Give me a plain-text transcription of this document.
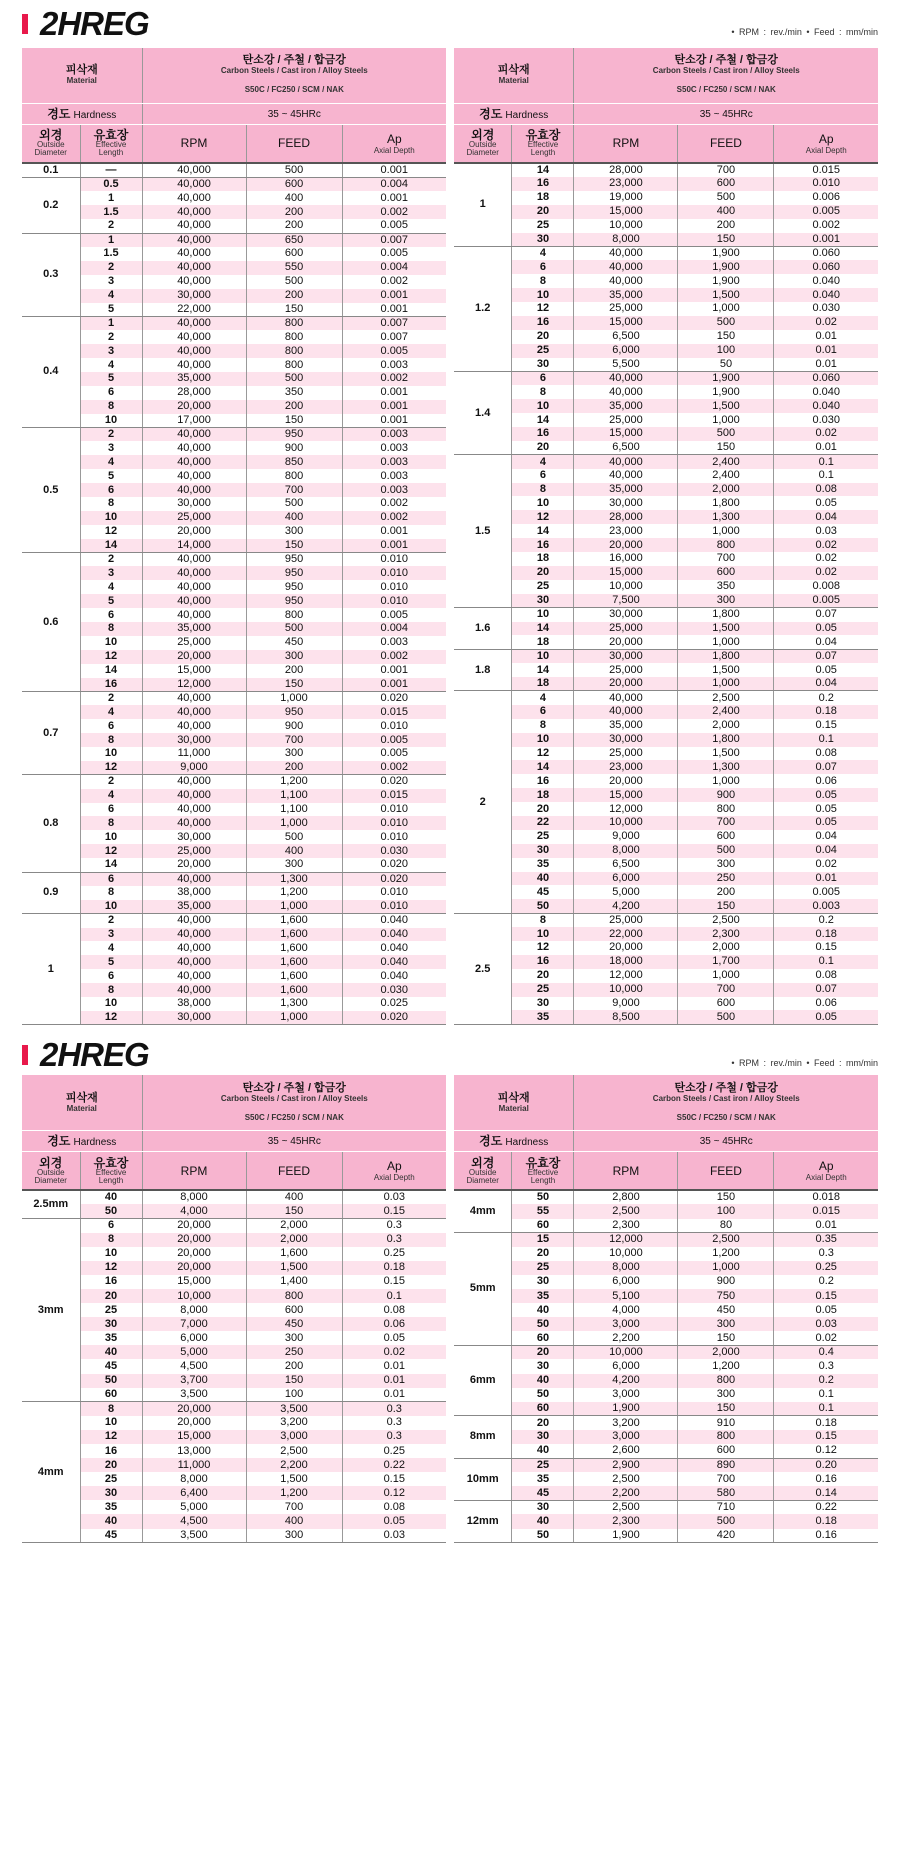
2HREG	• RPM : rev./min • Feed : mm/min
피삭재
Material		탄소강 / 주철 / 합금강
Carbon Steels / Cast iron / Alloy Steels
S50C / FC250 / SCM / NAK		

경도 Hardness		35 ~ 45HRc		

외경
Outside
Diameter	유효장
Effective
Length	RPM	FEED	Ap
Axial Depth

0.1	—	40,000	500	0.001
0.2	0.5	40,000	600	0.004
	1	40,000	400	0.001
	1.5	40,000	200	0.002
	2	40,000	200	0.005
0.3	1	40,000	650	0.007
	1.5	40,000	600	0.005
	2	40,000	550	0.004
	3	40,000	500	0.002
	4	30,000	200	0.001
	5	22,000	150	0.001
0.4	1	40,000	800	0.007
	2	40,000	800	0.007
	3	40,000	800	0.005
	4	40,000	800	0.003
	5	35,000	500	0.002
	6	28,000	350	0.001
	8	20,000	200	0.001
	10	17,000	150	0.001
0.5	2	40,000	950	0.003
	3	40,000	900	0.003
	4	40,000	850	0.003
	5	40,000	800	0.003
	6	40,000	700	0.003
	8	30,000	500	0.002
	10	25,000	400	0.002
	12	20,000	300	0.001
	14	14,000	150	0.001
0.6	2	40,000	950	0.010
	3	40,000	950	0.010
	4	40,000	950	0.010
	5	40,000	950	0.010
	6	40,000	800	0.005
	8	35,000	500	0.004
	10	25,000	450	0.003
	12	20,000	300	0.002
	14	15,000	200	0.001
	16	12,000	150	0.001
0.7	2	40,000	1,000	0.020
	4	40,000	950	0.015
	6	40,000	900	0.010
	8	30,000	700	0.005
	10	11,000	300	0.005
	12	9,000	200	0.002
0.8	2	40,000	1,200	0.020
	4	40,000	1,100	0.015
	6	40,000	1,100	0.010
	8	40,000	1,000	0.010
	10	30,000	500	0.010
	12	25,000	400	0.030
	14	20,000	300	0.020
0.9	6	40,000	1,300	0.020
	8	38,000	1,200	0.010
	10	35,000	1,000	0.010
1	2	40,000	1,600	0.040
	3	40,000	1,600	0.040
	4	40,000	1,600	0.040
	5	40,000	1,600	0.040
	6	40,000	1,600	0.040
	8	40,000	1,600	0.030
	10	38,000	1,300	0.025
	12	30,000	1,000	0.020
피삭재
Material		탄소강 / 주철 / 합금강
Carbon Steels / Cast iron / Alloy Steels
S50C / FC250 / SCM / NAK		

경도 Hardness		35 ~ 45HRc		

외경
Outside
Diameter	유효장
Effective
Length	RPM	FEED	Ap
Axial Depth

1	14	28,000	700	0.015
	16	23,000	600	0.010
	18	19,000	500	0.006
	20	15,000	400	0.005
	25	10,000	200	0.002
	30	8,000	150	0.001
1.2	4	40,000	1,900	0.060
	6	40,000	1,900	0.060
	8	40,000	1,900	0.040
	10	35,000	1,500	0.040
	12	25,000	1,000	0.030
	16	15,000	500	0.02
	20	6,500	150	0.01
	25	6,000	100	0.01
	30	5,500	50	0.01
1.4	6	40,000	1,900	0.060
	8	40,000	1,900	0.040
	10	35,000	1,500	0.040
	14	25,000	1,000	0.030
	16	15,000	500	0.02
	20	6,500	150	0.01
1.5	4	40,000	2,400	0.1
	6	40,000	2,400	0.1
	8	35,000	2,000	0.08
	10	30,000	1,800	0.05
	12	28,000	1,300	0.04
	14	23,000	1,000	0.03
	16	20,000	800	0.02
	18	16,000	700	0.02
	20	15,000	600	0.02
	25	10,000	350	0.008
	30	7,500	300	0.005
1.6	10	30,000	1,800	0.07
	14	25,000	1,500	0.05
	18	20,000	1,000	0.04
1.8	10	30,000	1,800	0.07
	14	25,000	1,500	0.05
	18	20,000	1,000	0.04
2	4	40,000	2,500	0.2
	6	40,000	2,400	0.18
	8	35,000	2,000	0.15
	10	30,000	1,800	0.1
	12	25,000	1,500	0.08
	14	23,000	1,300	0.07
	16	20,000	1,000	0.06
	18	15,000	900	0.05
	20	12,000	800	0.05
	22	10,000	700	0.05
	25	9,000	600	0.04
	30	8,000	500	0.04
	35	6,500	300	0.02
	40	6,000	250	0.01
	45	5,000	200	0.005
	50	4,200	150	0.003
2.5	8	25,000	2,500	0.2
	10	22,000	2,300	0.18
	12	20,000	2,000	0.15
	16	18,000	1,700	0.1
	20	12,000	1,000	0.08
	25	10,000	700	0.07
	30	9,000	600	0.06
	35	8,500	500	0.05
2HREG	• RPM : rev./min • Feed : mm/min
피삭재
Material		탄소강 / 주철 / 합금강
Carbon Steels / Cast iron / Alloy Steels
S50C / FC250 / SCM / NAK		

경도 Hardness		35 ~ 45HRc		

외경
Outside
Diameter	유효장
Effective
Length	RPM	FEED	Ap
Axial Depth

2.5mm	40	8,000	400	0.03
	50	4,000	150	0.15
3mm	6	20,000	2,000	0.3
	8	20,000	2,000	0.3
	10	20,000	1,600	0.25
	12	20,000	1,500	0.18
	16	15,000	1,400	0.15
	20	10,000	800	0.1
	25	8,000	600	0.08
	30	7,000	450	0.06
	35	6,000	300	0.05
	40	5,000	250	0.02
	45	4,500	200	0.01
	50	3,700	150	0.01
	60	3,500	100	0.01
4mm	8	20,000	3,500	0.3
	10	20,000	3,200	0.3
	12	15,000	3,000	0.3
	16	13,000	2,500	0.25
	20	11,000	2,200	0.22
	25	8,000	1,500	0.15
	30	6,400	1,200	0.12
	35	5,000	700	0.08
	40	4,500	400	0.05
	45	3,500	300	0.03
피삭재
Material		탄소강 / 주철 / 합금강
Carbon Steels / Cast iron / Alloy Steels
S50C / FC250 / SCM / NAK		

경도 Hardness		35 ~ 45HRc		

외경
Outside
Diameter	유효장
Effective
Length	RPM	FEED	Ap
Axial Depth

4mm	50	2,800	150	0.018
	55	2,500	100	0.015
	60	2,300	80	0.01
5mm	15	12,000	2,500	0.35
	20	10,000	1,200	0.3
	25	8,000	1,000	0.25
	30	6,000	900	0.2
	35	5,100	750	0.15
	40	4,000	450	0.05
	50	3,000	300	0.03
	60	2,200	150	0.02
6mm	20	10,000	2,000	0.4
	30	6,000	1,200	0.3
	40	4,200	800	0.2
	50	3,000	300	0.1
	60	1,900	150	0.1
8mm	20	3,200	910	0.18
	30	3,000	800	0.15
	40	2,600	600	0.12
10mm	25	2,900	890	0.20
	35	2,500	700	0.16
	45	2,200	580	0.14
12mm	30	2,500	710	0.22
	40	2,300	500	0.18
	50	1,900	420	0.16
